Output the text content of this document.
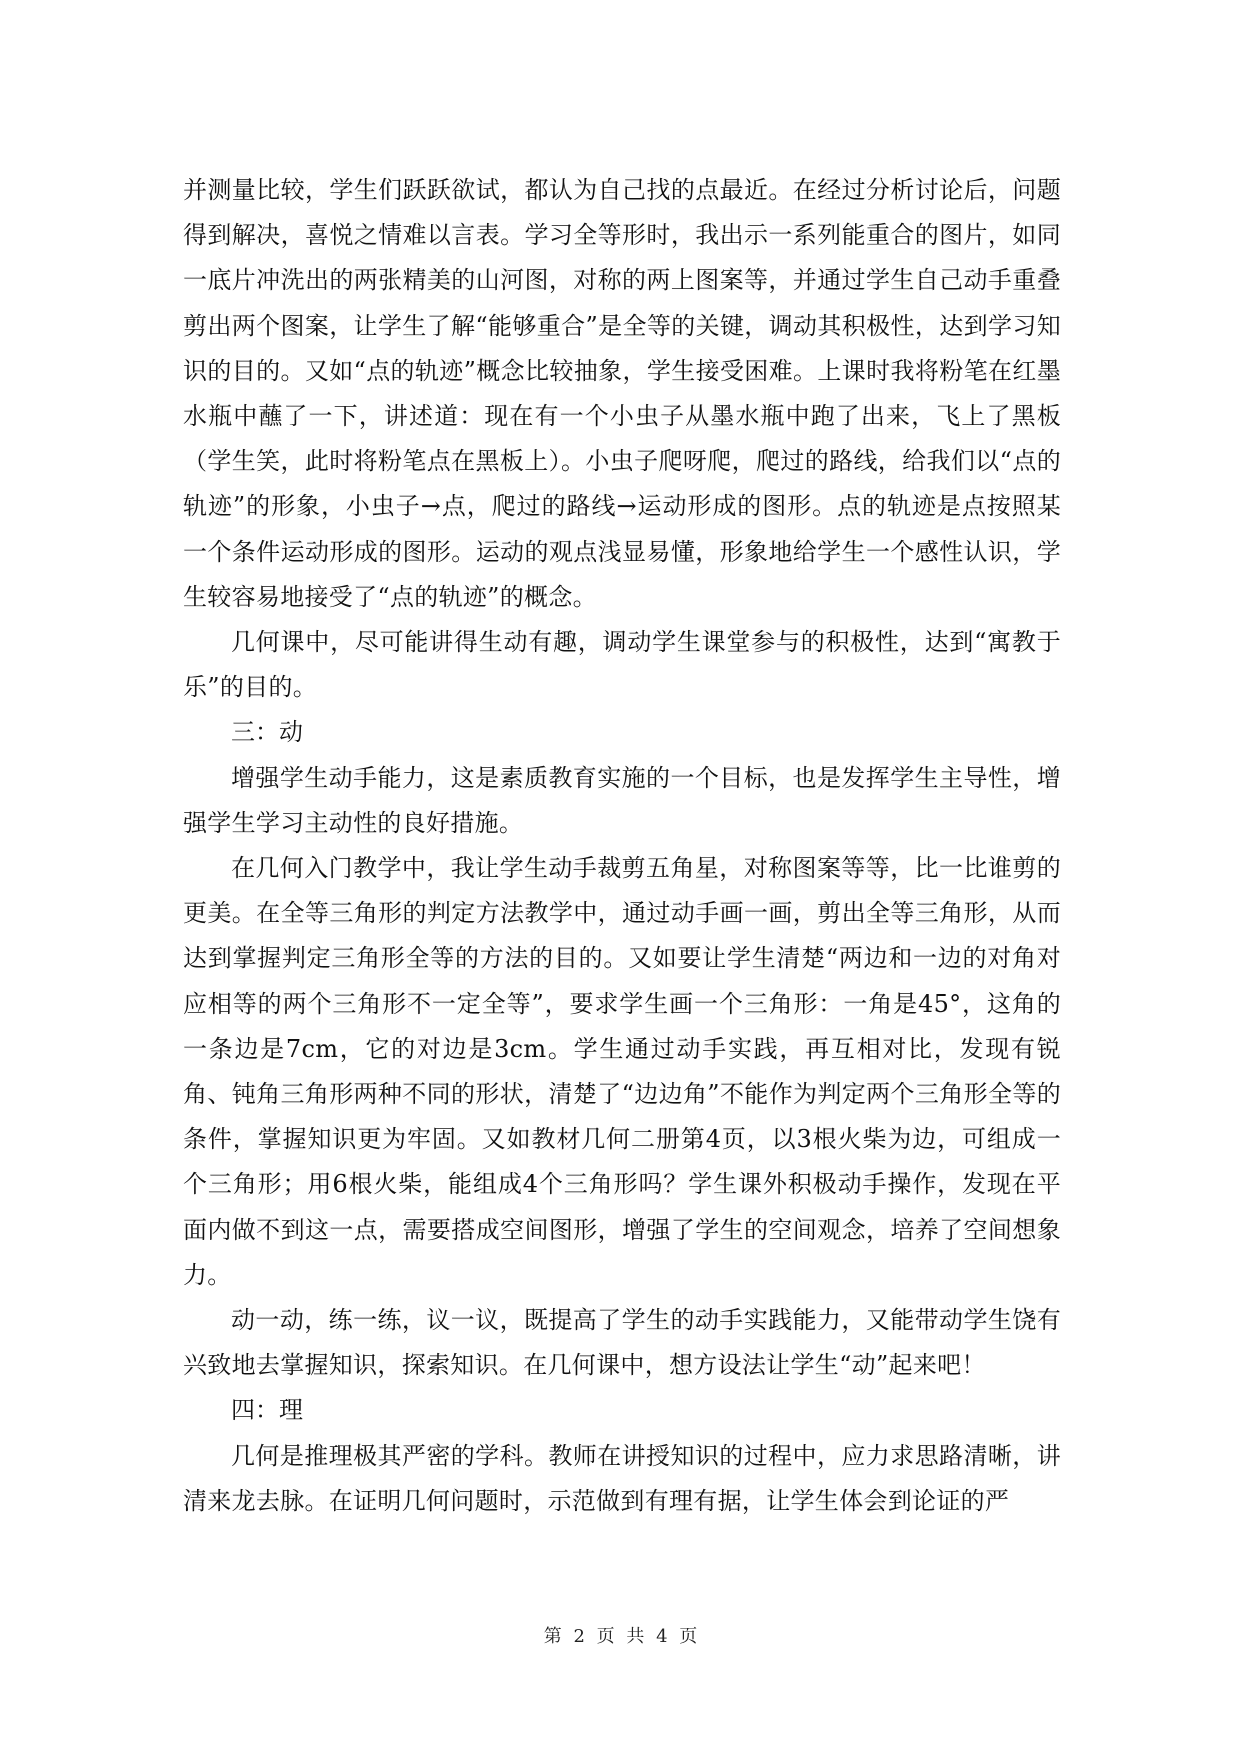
并测量比较，学生们跃跃欲试，都认为自己找的点最近。在经过分析讨论后，问题得到解决，喜悦之情难以言表。学习全等形时，我出示一系列能重合的图片，如同一底片冲洗出的两张精美的山河图，对称的两上图案等，并通过学生自己动手重叠剪出两个图案，让学生了解“能够重合”是全等的关键，调动其积极性，达到学习知识的目的。又如“点的轨迹”概念比较抽象，学生接受困难。上课时我将粉笔在红墨水瓶中蘸了一下，讲述道：现在有一个小虫子从墨水瓶中跑了出来，飞上了黑板（学生笑，此时将粉笔点在黑板上）。小虫子爬呀爬，爬过的路线，给我们以“点的轨迹”的形象，小虫子→点，爬过的路线→运动形成的图形。点的轨迹是点按照某一个条件运动形成的图形。运动的观点浅显易懂，形象地给学生一个感性认识，学生较容易地接受了“点的轨迹”的概念。

几何课中，尽可能讲得生动有趣，调动学生课堂参与的积极性，达到“寓教于乐”的目的。

三：动

增强学生动手能力，这是素质教育实施的一个目标，也是发挥学生主导性，增强学生学习主动性的良好措施。

在几何入门教学中，我让学生动手裁剪五角星，对称图案等等，比一比谁剪的更美。在全等三角形的判定方法教学中，通过动手画一画，剪出全等三角形，从而达到掌握判定三角形全等的方法的目的。又如要让学生清楚“两边和一边的对角对应相等的两个三角形不一定全等”，要求学生画一个三角形：一角是45°，这角的一条边是7cm，它的对边是3cm。学生通过动手实践，再互相对比，发现有锐角、钝角三角形两种不同的形状，清楚了“边边角”不能作为判定两个三角形全等的条件，掌握知识更为牢固。又如教材几何二册第4页，以3根火柴为边，可组成一个三角形；用6根火柴，能组成4个三角形吗？学生课外积极动手操作，发现在平面内做不到这一点，需要搭成空间图形，增强了学生的空间观念，培养了空间想象力。

动一动，练一练，议一议，既提高了学生的动手实践能力，又能带动学生饶有兴致地去掌握知识，探索知识。在几何课中，想方设法让学生“动”起来吧！

四：理

几何是推理极其严密的学科。教师在讲授知识的过程中，应力求思路清晰，讲清来龙去脉。在证明几何问题时，示范做到有理有据，让学生体会到论证的严

第 2 页 共 4 页
